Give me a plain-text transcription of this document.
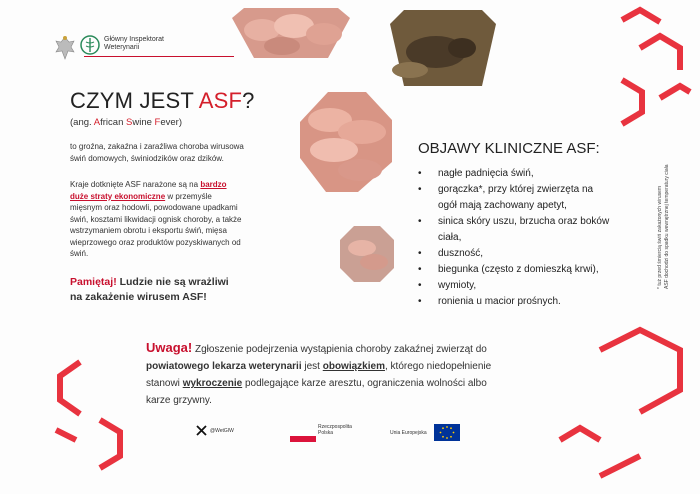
Główny Inspektorat
Weterynarii
CZYM JEST ASF?
(ang. African Swine Fever)
to groźna, zakaźna i zaraźliwa choroba wirusowa
świń domowych, świniodzików oraz dzików.
Kraje dotknięte ASF narażone są na bardzo
duże straty ekonomiczne w przemyśle
mięsnym oraz hodowli, powodowane upadkami
świń, kosztami likwidacji ognisk choroby, a także
wstrzymaniem obrotu i eksportu świń, mięsa
wieprzowego oraz produktów pozyskiwanych od
świń.
Pamiętaj! Ludzie nie są wrażliwi
na zakażenie wirusem ASF!
OBJAWY KLINICZNE ASF:
• nagłe padnięcia świń,
• gorączka*, przy której zwierzęta na
ogół mają zachowany apetyt,
• sinica skóry uszu, brzucha oraz boków
ciała,
• duszność,
• biegunka (często z domieszką krwi),
• wymioty,
• ronienia u macior prośnych.
* tuż przed śmiercią świń zakażonych wirusem ASF dochodzi do spadku wewnętrznej temperatury ciała
Uwaga! Zgłoszenie podejrzenia wystąpienia choroby zakaźnej zwierząt do
powiatowego lekarza weterynarii jest obowiązkiem, którego niedopełnienie
stanowi wykroczenie podlegające karze aresztu, ograniczenia wolności albo
karze grzywny.
@WetGIW
Rzeczpospolita
Polska	Unia Europejska
